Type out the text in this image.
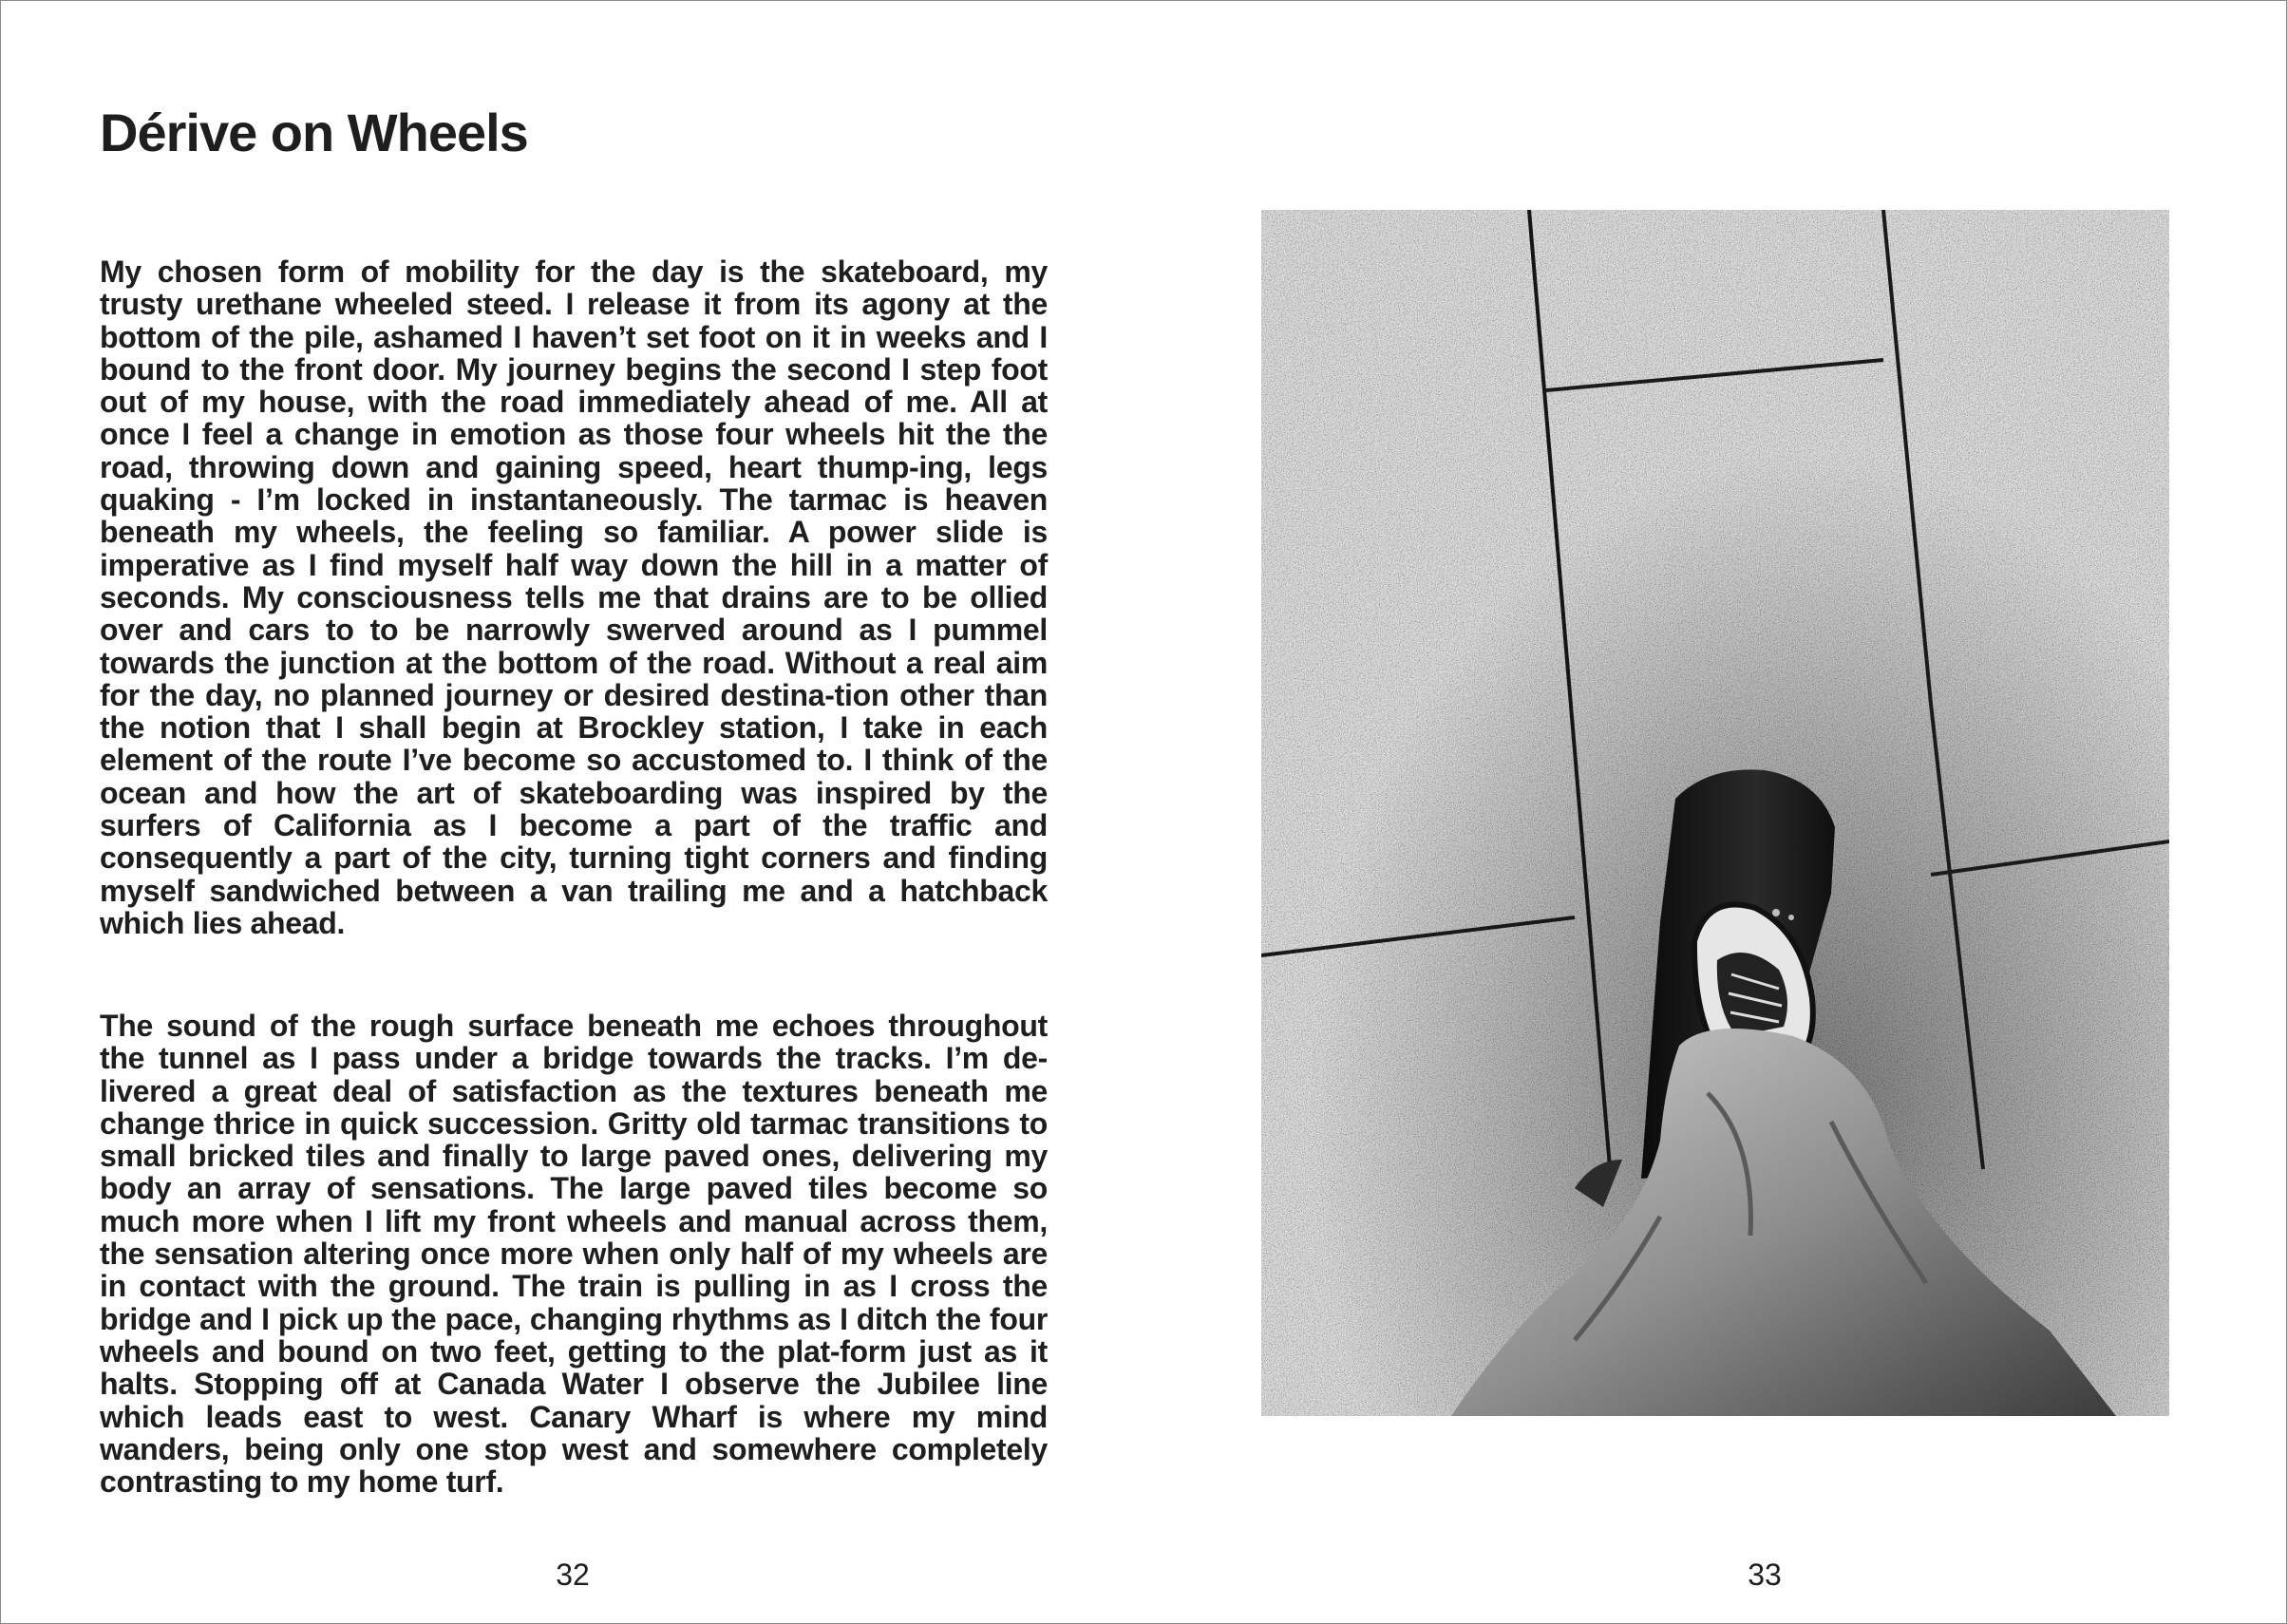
Dérive on Wheels

My chosen form of mobility for the day is the skateboard, my trusty urethane wheeled steed. I release it from its agony at the bottom of the pile, ashamed I haven’t set foot on it in weeks and I bound to the front door. My journey begins the second I step foot out of my house, with the road immediately ahead of me. All at once I feel a change in emotion as those four wheels hit the the road, throwing down and gaining speed, heart thump-ing, legs quaking - I’m locked in instantaneously. The tarmac is heaven beneath my wheels, the feeling so familiar. A power slide is imperative as I find myself half way down the hill in a matter of seconds. My consciousness tells me that drains are to be ollied over and cars to to be narrowly swerved around as I pummel towards the junction at the bottom of the road. Without a real aim for the day, no planned journey or desired destina-tion other than the notion that I shall begin at Brockley station, I take in each element of the route I’ve become so accustomed to. I think of the ocean and how the art of skateboarding was inspired by the surfers of California as I become a part of the traffic and consequently a part of the city, turning tight corners and finding myself sandwiched between a van trailing me and a hatchback which lies ahead.

The sound of the rough surface beneath me echoes throughout the tunnel as I pass under a bridge towards the tracks. I’m de-livered a great deal of satisfaction as the textures beneath me change thrice in quick succession. Gritty old tarmac transitions to small bricked tiles and finally to large paved ones, delivering my body an array of sensations. The large paved tiles become so much more when I lift my front wheels and manual across them, the sensation altering once more when only half of my wheels are in contact with the ground. The train is pulling in as I cross the bridge and I pick up the pace, changing rhythms as I ditch the four wheels and bound on two feet, getting to the plat-form just as it halts. Stopping off at Canada Water I observe the Jubilee line which leads east to west. Canary Wharf is where my mind wanders, being only one stop west and somewhere completely contrasting to my home turf.

32	33
